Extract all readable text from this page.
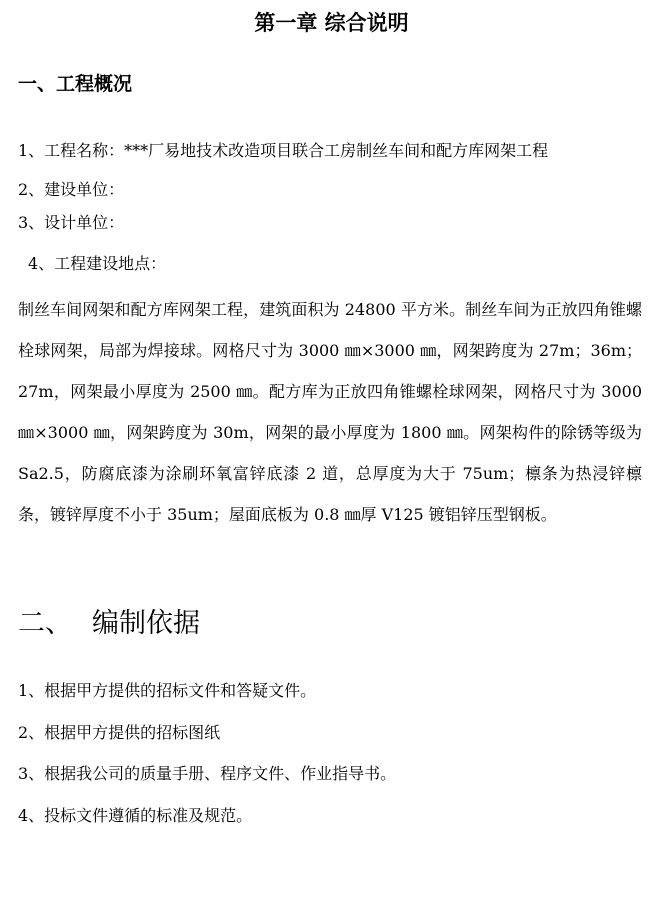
第一章 综合说明
一、工程概况
1、工程名称：***厂易地技术改造项目联合工房制丝车间和配方库网架工程
2、建设单位：
3、设计单位：
4、工程建设地点：
制丝车间网架和配方库网架工程，建筑面积为 24800 平方米。制丝车间为正放四角锥螺栓球网架，局部为焊接球。网格尺寸为 3000 ㎜×3000 ㎜，网架跨度为 27m；36m；27m，网架最小厚度为 2500 ㎜。配方库为正放四角锥螺栓球网架，网格尺寸为 3000 ㎜×3000 ㎜，网架跨度为 30m，网架的最小厚度为 1800 ㎜。网架构件的除锈等级为 Sa2.5，防腐底漆为涂刷环氧富锌底漆 2 道，总厚度为大于 75um；檩条为热浸锌檩条，镀锌厚度不小于 35um；屋面底板为 0.8 ㎜厚 V125 镀铝锌压型钢板。
二、 编制依据
1、根据甲方提供的招标文件和答疑文件。
2、根据甲方提供的招标图纸
3、根据我公司的质量手册、程序文件、作业指导书。
4、投标文件遵循的标准及规范。
